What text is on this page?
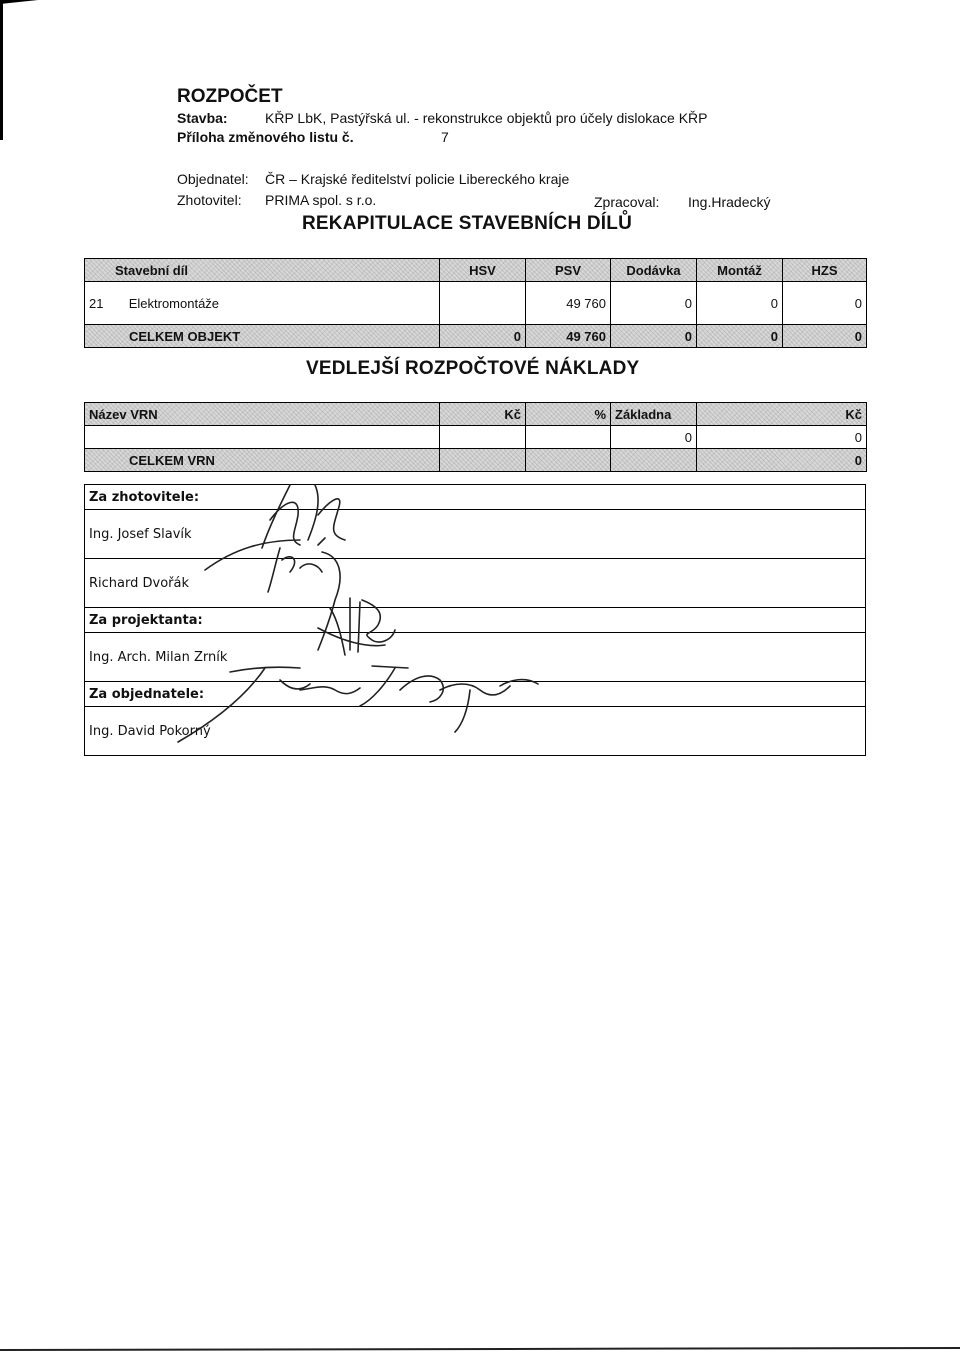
ROZPOČET
Stavba:	KŘP LbK, Pastýřská ul. - rekonstrukce objektů pro účely dislokace KŘP
Příloha změnového listu č.	7
Objednatel: ČR – Krajské ředitelství policie Libereckého kraje
Zhotovitel: PRIMA spol. s r.o.	Zpracoval: Ing.Hradecký
REKAPITULACE STAVEBNÍCH DÍLŮ
Stavební díl	HSV	PSV	Dodávka	Montáž	HZS
21 Elektromontáže		49 760	0	0	0
CELKEM OBJEKT	0	49 760	0	0	0
VEDLEJŠÍ ROZPOČTOVÉ NÁKLADY
Název VRN	Kč	%	Základna	Kč
			0	0
CELKEM VRN				0
Za zhotovitele:
Ing. Josef Slavík
Richard Dvořák
Za projektanta:
Ing. Arch. Milan Zrník
Za objednatele:
Ing. David Pokorný
